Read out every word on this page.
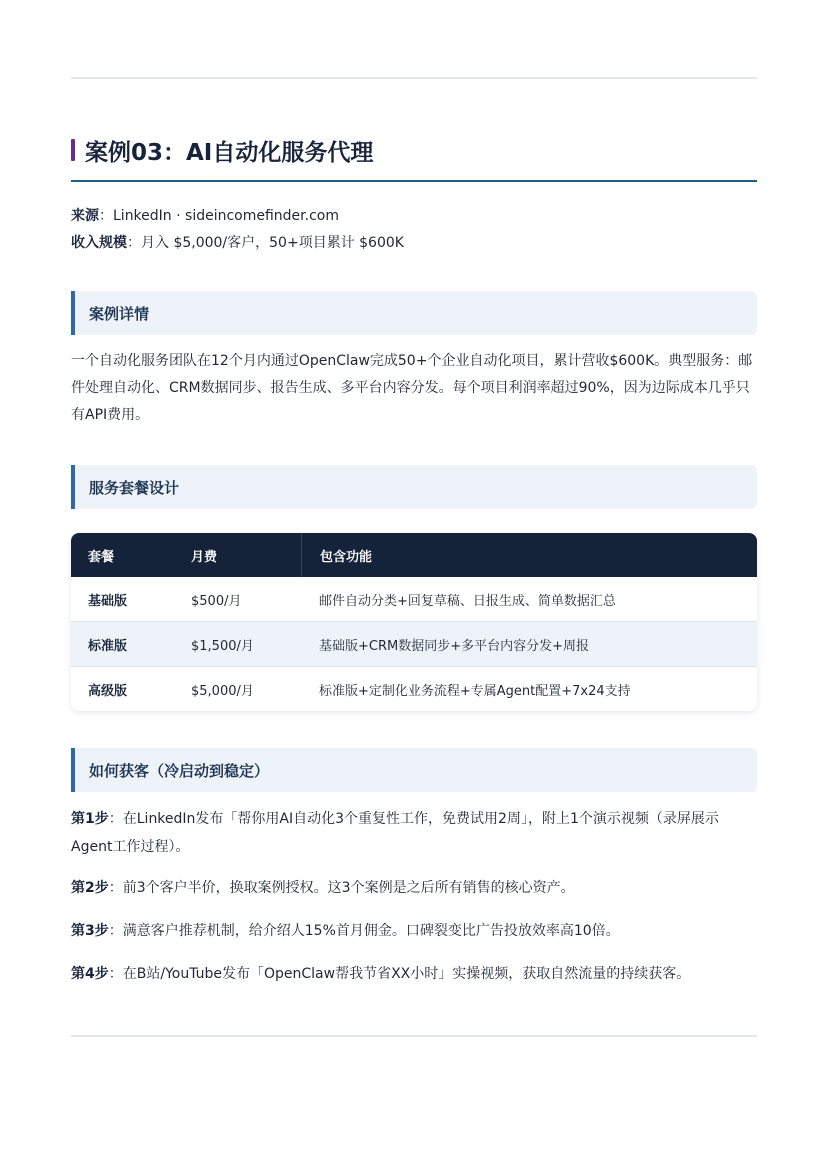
案例03：AI自动化服务代理
来源：LinkedIn · sideincomefinder.com
收入规模：月入 $5,000/客户，50+项目累计 $600K
案例详情
一个自动化服务团队在12个月内通过OpenClaw完成50+个企业自动化项目，累计营收$600K。典型服务：邮件处理自动化、CRM数据同步、报告生成、多平台内容分发。每个项目利润率超过90%，因为边际成本几乎只有API费用。
服务套餐设计
套餐	月费	包含功能
基础版	$500/月	邮件自动分类+回复草稿、日报生成、简单数据汇总
标准版	$1,500/月	基础版+CRM数据同步+多平台内容分发+周报
高级版	$5,000/月	标准版+定制化业务流程+专属Agent配置+7x24支持
如何获客（冷启动到稳定）
第1步：在LinkedIn发布「帮你用AI自动化3个重复性工作，免费试用2周」，附上1个演示视频（录屏展示Agent工作过程）。
第2步：前3个客户半价，换取案例授权。这3个案例是之后所有销售的核心资产。
第3步：满意客户推荐机制，给介绍人15%首月佣金。口碑裂变比广告投放效率高10倍。
第4步：在B站/YouTube发布「OpenClaw帮我节省XX小时」实操视频，获取自然流量的持续获客。
